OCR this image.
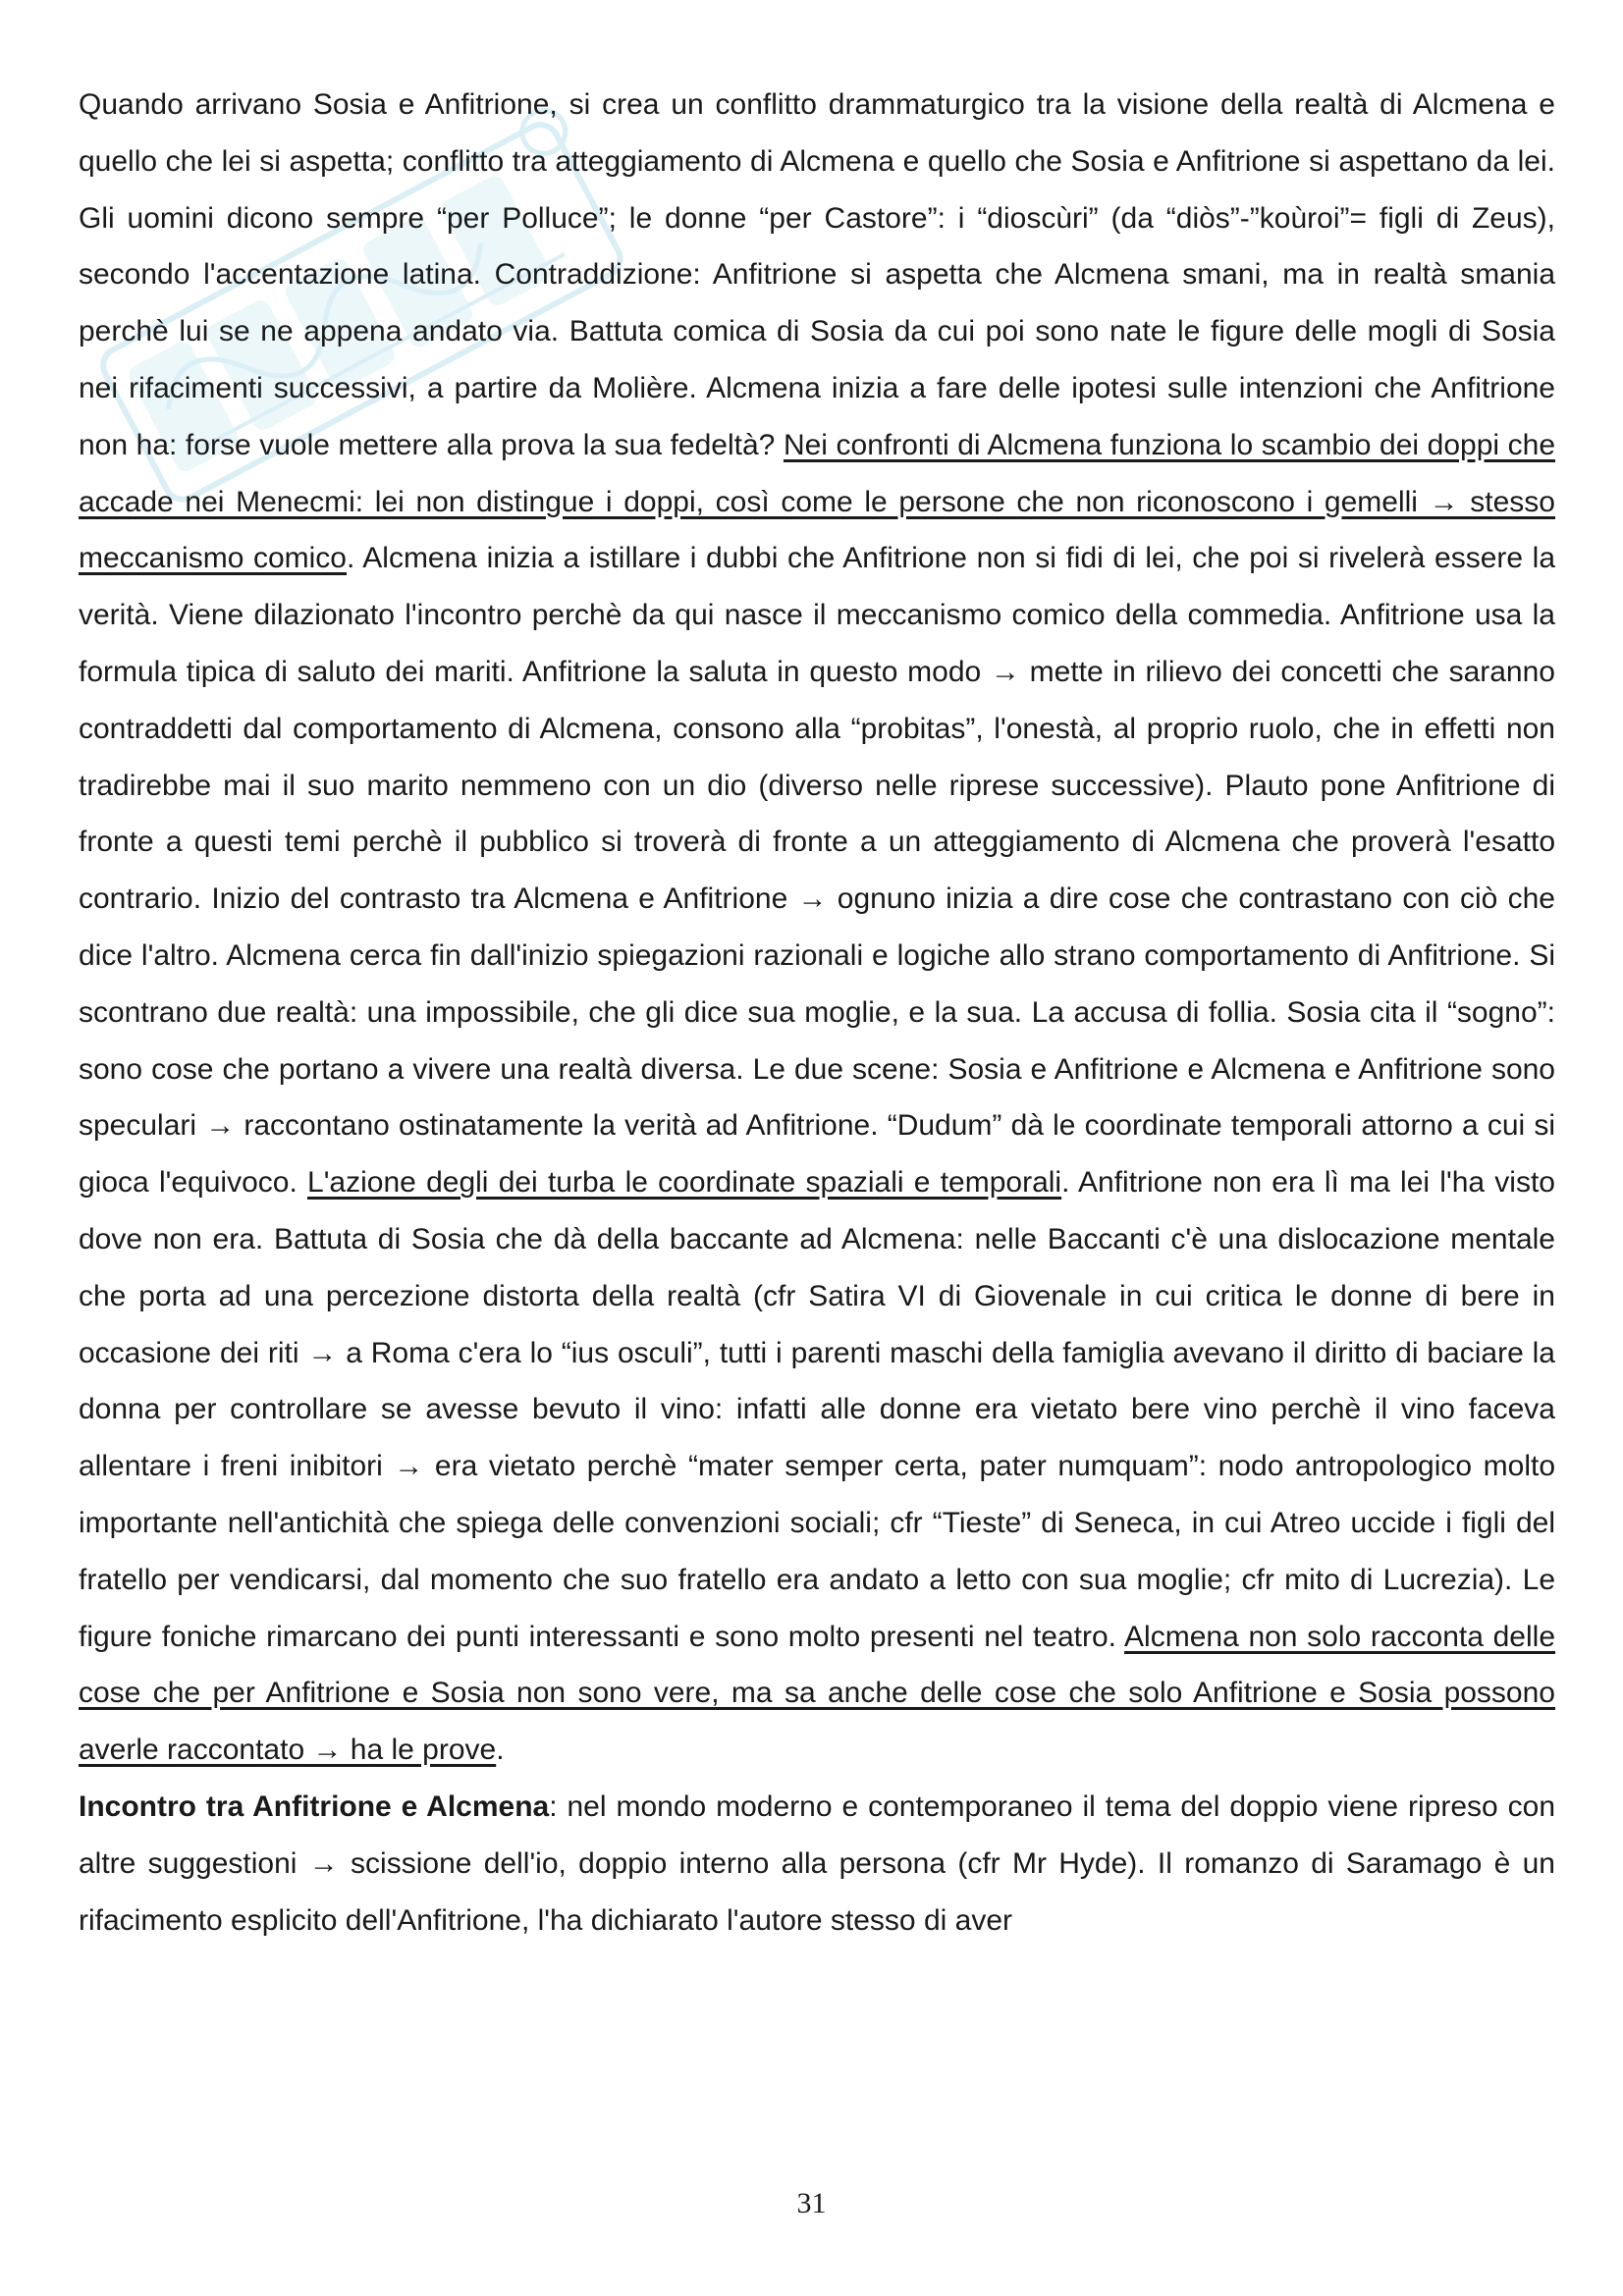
Quando arrivano Sosia e Anfitrione, si crea un conflitto drammaturgico tra la visione della realtà di Alcmena e quello che lei si aspetta; conflitto tra atteggiamento di Alcmena e quello che Sosia e Anfitrione si aspettano da lei. Gli uomini dicono sempre “per Polluce”; le donne “per Castore”: i “dioscùri” (da “diòs”-”koùroi”= figli di Zeus), secondo l'accentazione latina. Contraddizione: Anfitrione si aspetta che Alcmena smani, ma in realtà smania perchè lui se ne appena andato via. Battuta comica di Sosia da cui poi sono nate le figure delle mogli di Sosia nei rifacimenti successivi, a partire da Molière. Alcmena inizia a fare delle ipotesi sulle intenzioni che Anfitrione non ha: forse vuole mettere alla prova la sua fedeltà? Nei confronti di Alcmena funziona lo scambio dei doppi che accade nei Menecmi: lei non distingue i doppi, così come le persone che non riconoscono i gemelli → stesso meccanismo comico. Alcmena inizia a istillare i dubbi che Anfitrione non si fidi di lei, che poi si rivelerà essere la verità. Viene dilazionato l'incontro perchè da qui nasce il meccanismo comico della commedia. Anfitrione usa la formula tipica di saluto dei mariti. Anfitrione la saluta in questo modo → mette in rilievo dei concetti che saranno contraddetti dal comportamento di Alcmena, consono alla “probitas”, l'onestà, al proprio ruolo, che in effetti non tradirebbe mai il suo marito nemmeno con un dio (diverso nelle riprese successive). Plauto pone Anfitrione di fronte a questi temi perchè il pubblico si troverà di fronte a un atteggiamento di Alcmena che proverà l'esatto contrario. Inizio del contrasto tra Alcmena e Anfitrione → ognuno inizia a dire cose che contrastano con ciò che dice l'altro. Alcmena cerca fin dall'inizio spiegazioni razionali e logiche allo strano comportamento di Anfitrione. Si scontrano due realtà: una impossibile, che gli dice sua moglie, e la sua. La accusa di follia. Sosia cita il “sogno”: sono cose che portano a vivere una realtà diversa. Le due scene: Sosia e Anfitrione e Alcmena e Anfitrione sono speculari → raccontano ostinatamente la verità ad Anfitrione. “Dudum” dà le coordinate temporali attorno a cui si gioca l'equivoco. L'azione degli dei turba le coordinate spaziali e temporali. Anfitrione non era lì ma lei l'ha visto dove non era. Battuta di Sosia che dà della baccante ad Alcmena: nelle Baccanti c'è una dislocazione mentale che porta ad una percezione distorta della realtà (cfr Satira VI di Giovenale in cui critica le donne di bere in occasione dei riti → a Roma c'era lo “ius osculi”, tutti i parenti maschi della famiglia avevano il diritto di baciare la donna per controllare se avesse bevuto il vino: infatti alle donne era vietato bere vino perchè il vino faceva allentare i freni inibitori → era vietato perchè “mater semper certa, pater numquam”: nodo antropologico molto importante nell'antichità che spiega delle convenzioni sociali; cfr “Tieste” di Seneca, in cui Atreo uccide i figli del fratello per vendicarsi, dal momento che suo fratello era andato a letto con sua moglie; cfr mito di Lucrezia). Le figure foniche rimarcano dei punti interessanti e sono molto presenti nel teatro. Alcmena non solo racconta delle cose che per Anfitrione e Sosia non sono vere, ma sa anche delle cose che solo Anfitrione e Sosia possono averle raccontato → ha le prove.

Incontro tra Anfitrione e Alcmena: nel mondo moderno e contemporaneo il tema del doppio viene ripreso con altre suggestioni → scissione dell'io, doppio interno alla persona (cfr Mr Hyde). Il romanzo di Saramago è un rifacimento esplicito dell'Anfitrione, l'ha dichiarato l'autore stesso di aver

31
